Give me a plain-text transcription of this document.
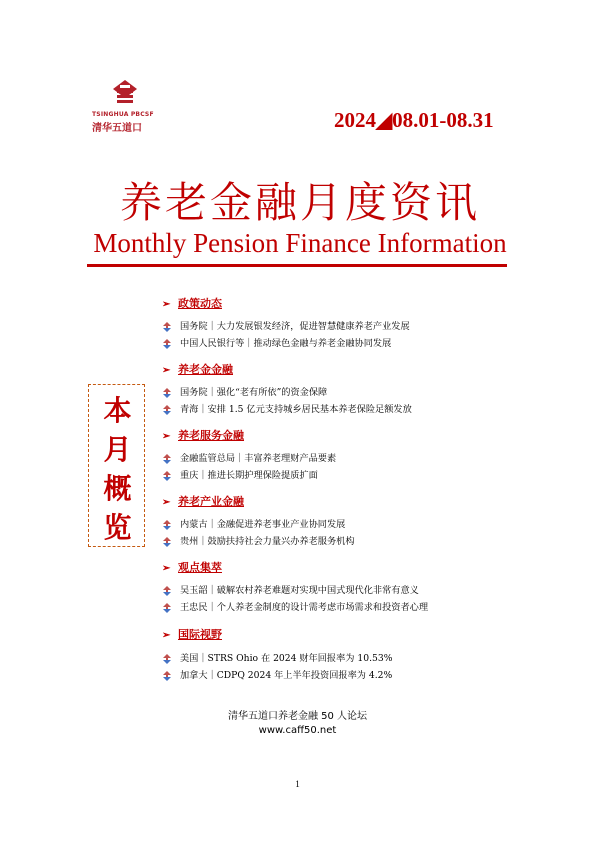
TSINGHUA PBCSF
清华五道口	2024◢08.01-08.31
养老金融月度资讯
Monthly Pension Finance Information
本
月
概
览
➢ 政策动态
国务院｜大力发展银发经济，促进智慧健康养老产业发展
中国人民银行等｜推动绿色金融与养老金融协同发展
➢ 养老金金融
国务院｜强化“老有所依”的资金保障
青海｜安排 1.5 亿元支持城乡居民基本养老保险足额发放
➢ 养老服务金融
金融监管总局｜丰富养老理财产品要素
重庆｜推进长期护理保险提质扩面
➢ 养老产业金融
内蒙古｜金融促进养老事业产业协同发展
贵州｜鼓励扶持社会力量兴办养老服务机构
➢ 观点集萃
吴玉韶｜破解农村养老难题对实现中国式现代化非常有意义
王忠民｜个人养老金制度的设计需考虑市场需求和投资者心理
➢ 国际视野
美国｜STRS Ohio 在 2024 财年回报率为 10.53%
加拿大｜CDPQ 2024 年上半年投资回报率为 4.2%
清华五道口养老金融 50 人论坛
www.caff50.net
1
